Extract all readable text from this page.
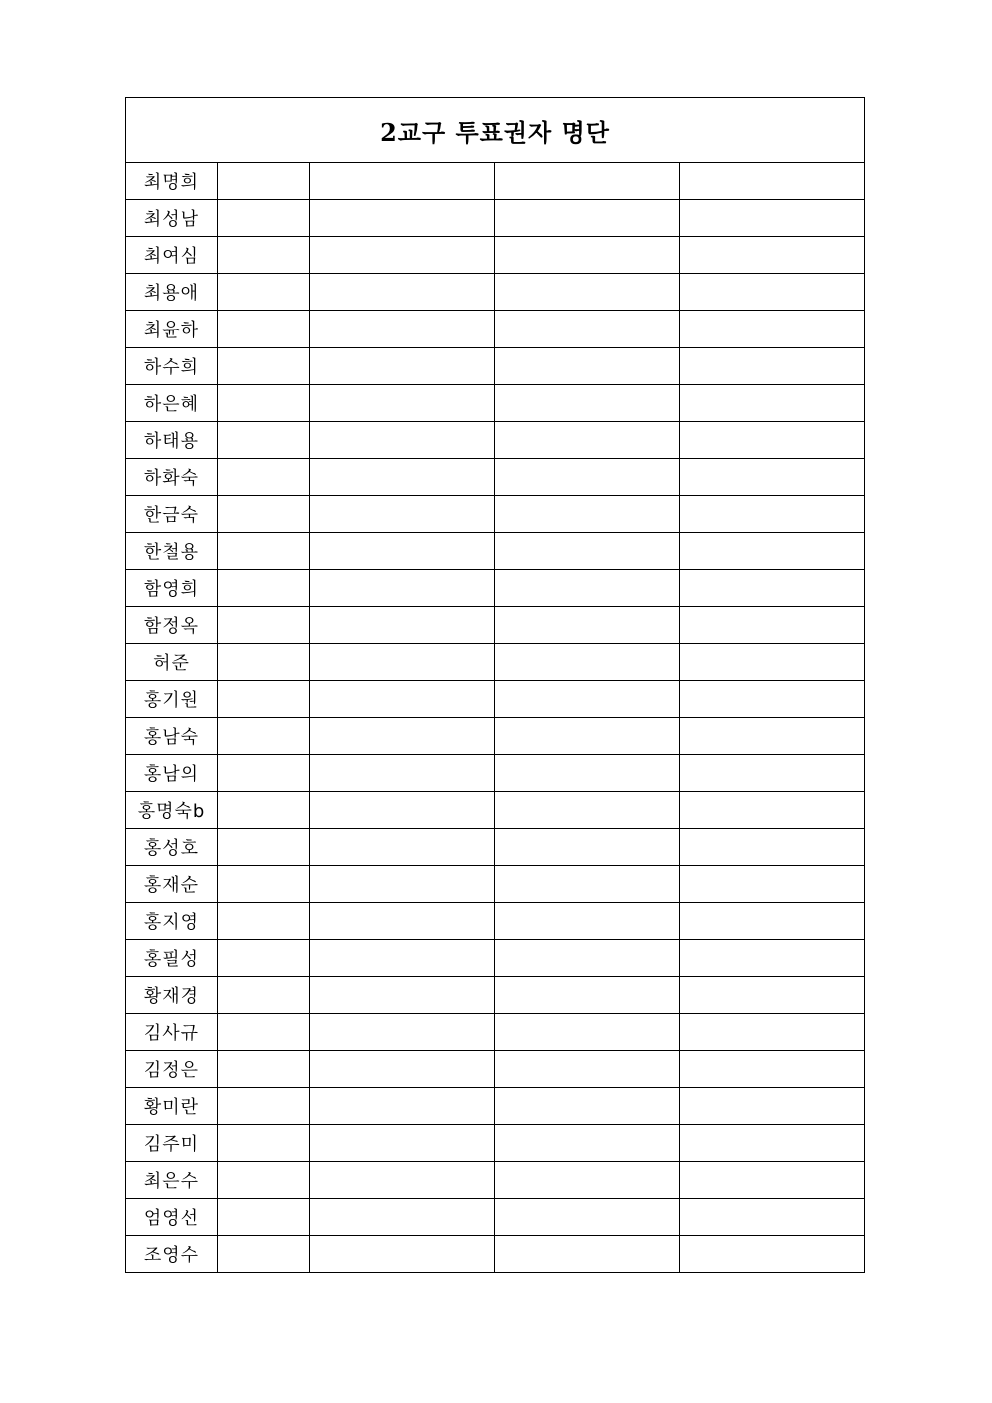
2교구 투표권자 명단				
최명희				
최성남				
최여심				
최용애				
최윤하				
하수희				
하은혜				
하태용				
하화숙				
한금숙				
한철용				
함영희				
함정옥				
허준				
홍기원				
홍남숙				
홍남의				
홍명숙b				
홍성호				
홍재순				
홍지영				
홍필성				
황재경				
김사규				
김정은				
황미란				
김주미				
최은수				
엄영선				
조영수				
